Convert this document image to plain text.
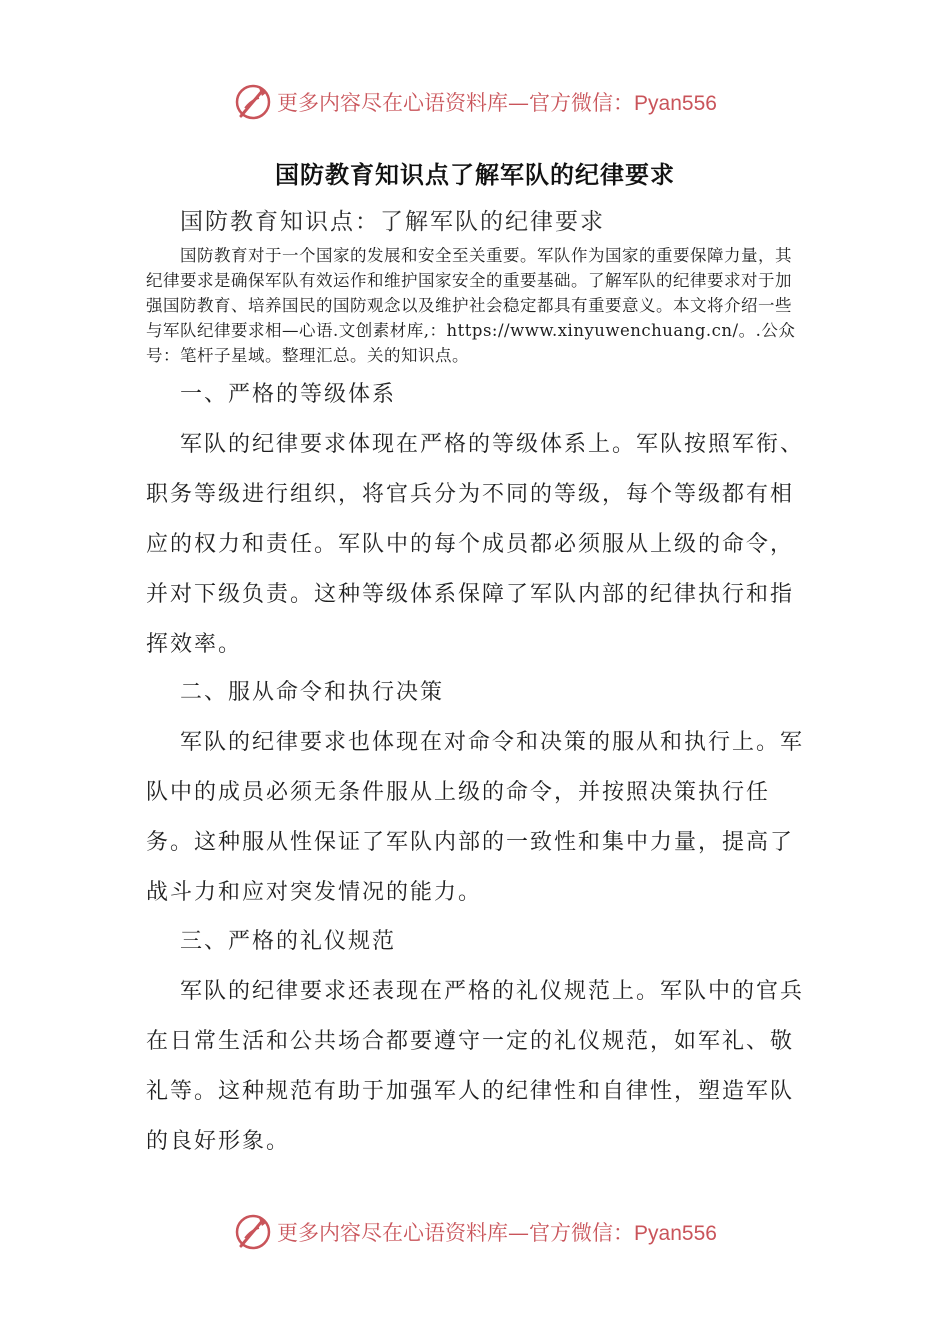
更多内容尽在心语资料库—官方微信：Pyan556
国防教育知识点了解军队的纪律要求
国防教育知识点：了解军队的纪律要求

国防教育对于一个国家的发展和安全至关重要。军队作为国家的重要保障力量，其纪律要求是确保军队有效运作和维护国家安全的重要基础。了解军队的纪律要求对于加强国防教育、培养国民的国防观念以及维护社会稳定都具有重要意义。本文将介绍一些与军队纪律要求相—心语.文创素材库,：https://www.xinyuwenchuang.cn/。.公众号：笔杆子星域。整理汇总。关的知识点。

一、严格的等级体系

军队的纪律要求体现在严格的等级体系上。军队按照军衔、职务等级进行组织，将官兵分为不同的等级，每个等级都有相应的权力和责任。军队中的每个成员都必须服从上级的命令，并对下级负责。这种等级体系保障了军队内部的纪律执行和指挥效率。

二、服从命令和执行决策

军队的纪律要求也体现在对命令和决策的服从和执行上。军队中的成员必须无条件服从上级的命令，并按照决策执行任务。这种服从性保证了军队内部的一致性和集中力量，提高了战斗力和应对突发情况的能力。

三、严格的礼仪规范

军队的纪律要求还表现在严格的礼仪规范上。军队中的官兵在日常生活和公共场合都要遵守一定的礼仪规范，如军礼、敬礼等。这种规范有助于加强军人的纪律性和自律性，塑造军队的良好形象。

更多内容尽在心语资料库—官方微信：Pyan556
